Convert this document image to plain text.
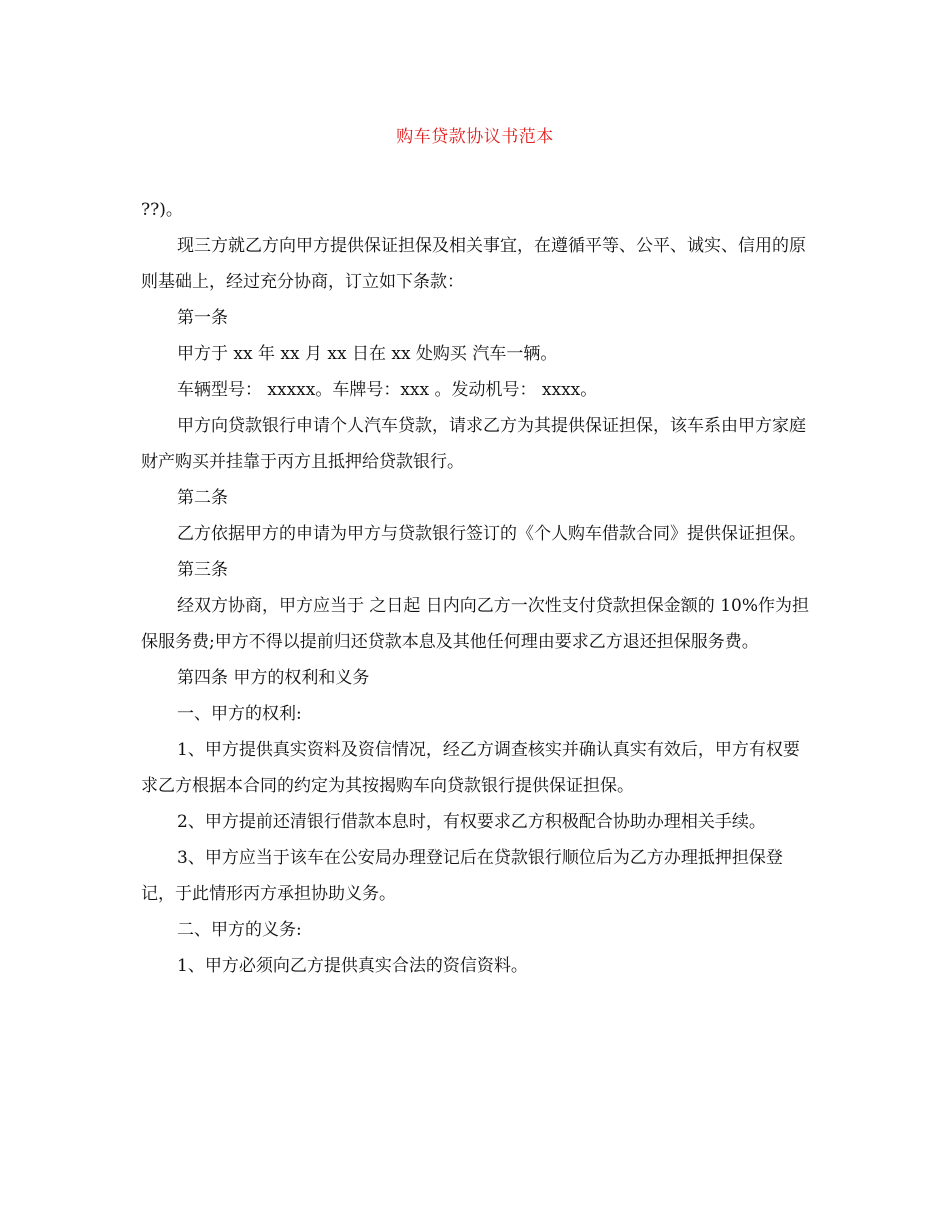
购车贷款协议书范本

??)。

现三方就乙方向甲方提供保证担保及相关事宜，在遵循平等、公平、诚实、信用的原则基础上，经过充分协商，订立如下条款：

第一条

甲方于 xx 年 xx 月 xx 日在 xx 处购买 汽车一辆。

车辆型号： xxxxx。车牌号：xxx 。发动机号： xxxx。

甲方向贷款银行申请个人汽车贷款，请求乙方为其提供保证担保，该车系由甲方家庭财产购买并挂靠于丙方且抵押给贷款银行。

第二条

乙方依据甲方的申请为甲方与贷款银行签订的《个人购车借款合同》提供保证担保。

第三条

经双方协商，甲方应当于 之日起 日内向乙方一次性支付贷款担保金额的 10%作为担保服务费;甲方不得以提前归还贷款本息及其他任何理由要求乙方退还担保服务费。

第四条 甲方的权利和义务

一、甲方的权利:

1、甲方提供真实资料及资信情况，经乙方调查核实并确认真实有效后，甲方有权要求乙方根据本合同的约定为其按揭购车向贷款银行提供保证担保。

2、甲方提前还清银行借款本息时，有权要求乙方积极配合协助办理相关手续。

3、甲方应当于该车在公安局办理登记后在贷款银行顺位后为乙方办理抵押担保登记，于此情形丙方承担协助义务。

二、甲方的义务:

1、甲方必须向乙方提供真实合法的资信资料。
